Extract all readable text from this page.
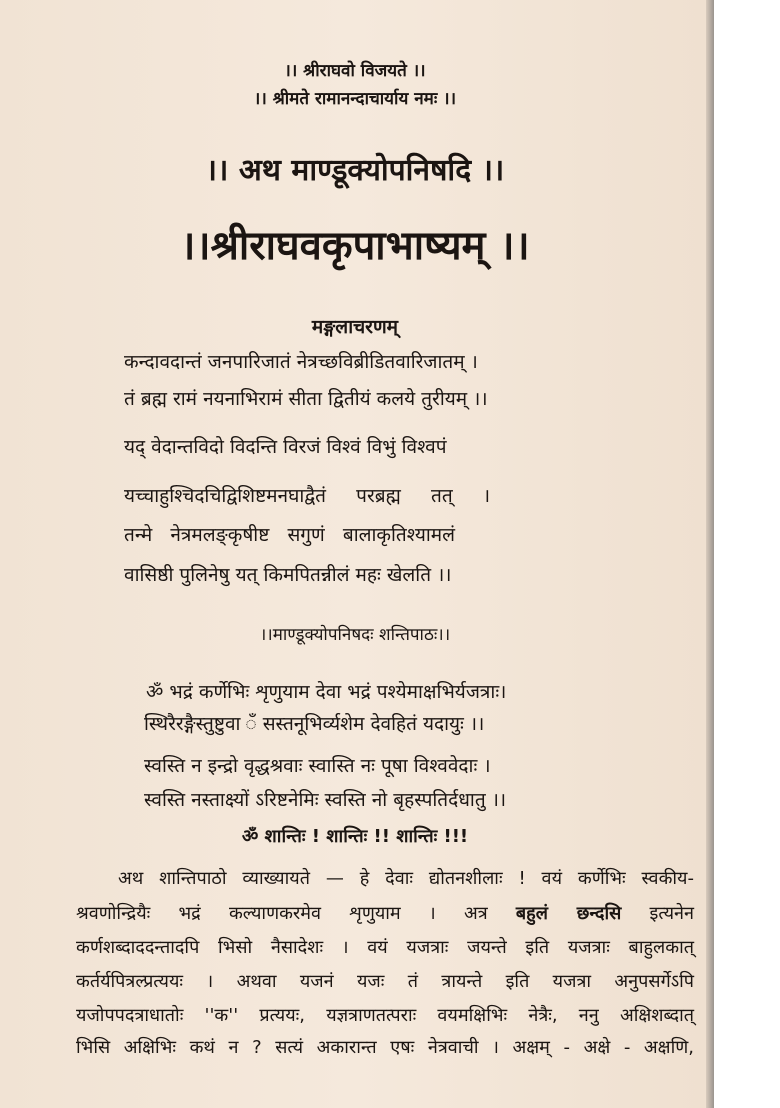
।। श्रीराघवो विजयते ।।
।। श्रीमते रामानन्दाचार्याय नमः ।।
।। अथ माण्डूक्योपनिषदि ।।
।।श्रीराघवकृपाभाष्यम् ।।
मङ्गलाचरणम्
कन्दावदान्तं जनपारिजातं नेत्रच्छविब्रीडितवारिजातम् ।
तं ब्रह्म रामं नयनाभिरामं सीता द्वितीयं कलये तुरीयम् ।।
यद् वेदान्तविदो विदन्ति विरजं विश्वं विभुं विश्वपं
यच्चाहुश्चिदचिद्विशिष्टमनघाद्वैतं     परब्रह्म     तत्     ।
तन्मे   नेत्रमलङ्कृषीष्ट   सगुणं   बालाकृतिश्यामलं
वासिष्ठी पुलिनेषु यत् किमपितन्नीलं महः खेलति ।।
।।माण्डूक्योपनिषदः शन्तिपाठः।।
ॐ भद्रं कर्णेभिः शृणुयाम देवा भद्रं पश्येमाक्षभिर्यजत्राः।
स्थिरैरङ्गैस्तुष्टुवा ँ सस्तनूभिर्व्यशेम देवहितं यदायुः ।।
स्वस्ति न इन्द्रो वृद्धश्रवाः स्वास्ति नः पूषा विश्ववेदाः ।
स्वस्ति नस्ताक्ष्यों ऽरिष्टनेमिः स्वस्ति नो बृहस्पतिर्दधातु ।।
ॐ शान्तिः ! शान्तिः !! शान्तिः !!!
अथ शान्तिपाठो व्याख्यायते — हे देवाः द्योतनशीलाः ! वयं कर्णेभिः स्वकीय-
श्रवणोन्द्रियैः भद्रं कल्याणकरमेव शृणुयाम । अत्र बहुलं छन्दसि इत्यनेन
कर्णशब्दाददन्तादपि भिसो नैसादेशः । वयं यजत्राः जयन्ते इति यजत्राः बाहुलकात्
कर्तर्यपित्रल्प्रत्ययः । अथवा यजनं यजः तं त्रायन्ते इति यजत्रा अनुपसर्गेऽपि
यजोपपदत्राधातोः ''क'' प्रत्ययः, यज्ञत्राणतत्पराः वयमक्षिभिः नेत्रैः, ननु अक्षिशब्दात्
भिसि अक्षिभिः कथं न ? सत्यं अकारान्त एषः नेत्रवाची । अक्षम् - अक्षे - अक्षणि,
